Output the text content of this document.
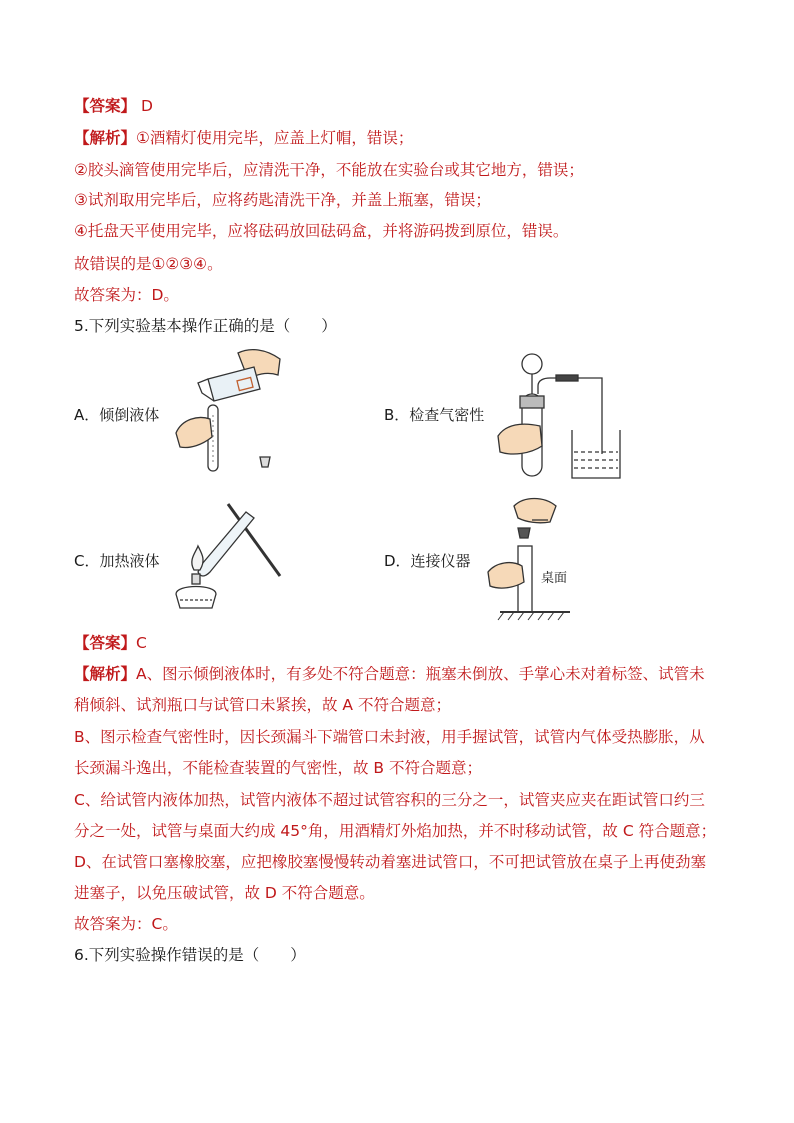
【答案】 D
【解析】①酒精灯使用完毕，应盖上灯帽，错误；
②胶头滴管使用完毕后，应清洗干净，不能放在实验台或其它地方，错误；
③试剂取用完毕后，应将药匙清洗干净，并盖上瓶塞，错误；
④托盘天平使用完毕，应将砝码放回砝码盒，并将游码拨到原位，错误。
故错误的是①②③④。
故答案为：D。
5.下列实验基本操作正确的是（　　）
A．倾倒液体	B．检查气密性
C．加热液体	D．连接仪器
桌面
【答案】C
【解析】A、图示倾倒液体时，有多处不符合题意：瓶塞未倒放、手掌心未对着标签、试管未
稍倾斜、试剂瓶口与试管口未紧挨，故 A 不符合题意；
B、图示检查气密性时，因长颈漏斗下端管口未封液，用手握试管，试管内气体受热膨胀，从
长颈漏斗逸出，不能检查装置的气密性，故 B 不符合题意；
C、给试管内液体加热，试管内液体不超过试管容积的三分之一，试管夹应夹在距试管口约三
分之一处，试管与桌面大约成 45°角，用酒精灯外焰加热，并不时移动试管，故 C 符合题意；
D、在试管口塞橡胶塞，应把橡胶塞慢慢转动着塞进试管口，不可把试管放在桌子上再使劲塞
进塞子，以免压破试管，故 D 不符合题意。
故答案为：C。
6.下列实验操作错误的是（　　）
